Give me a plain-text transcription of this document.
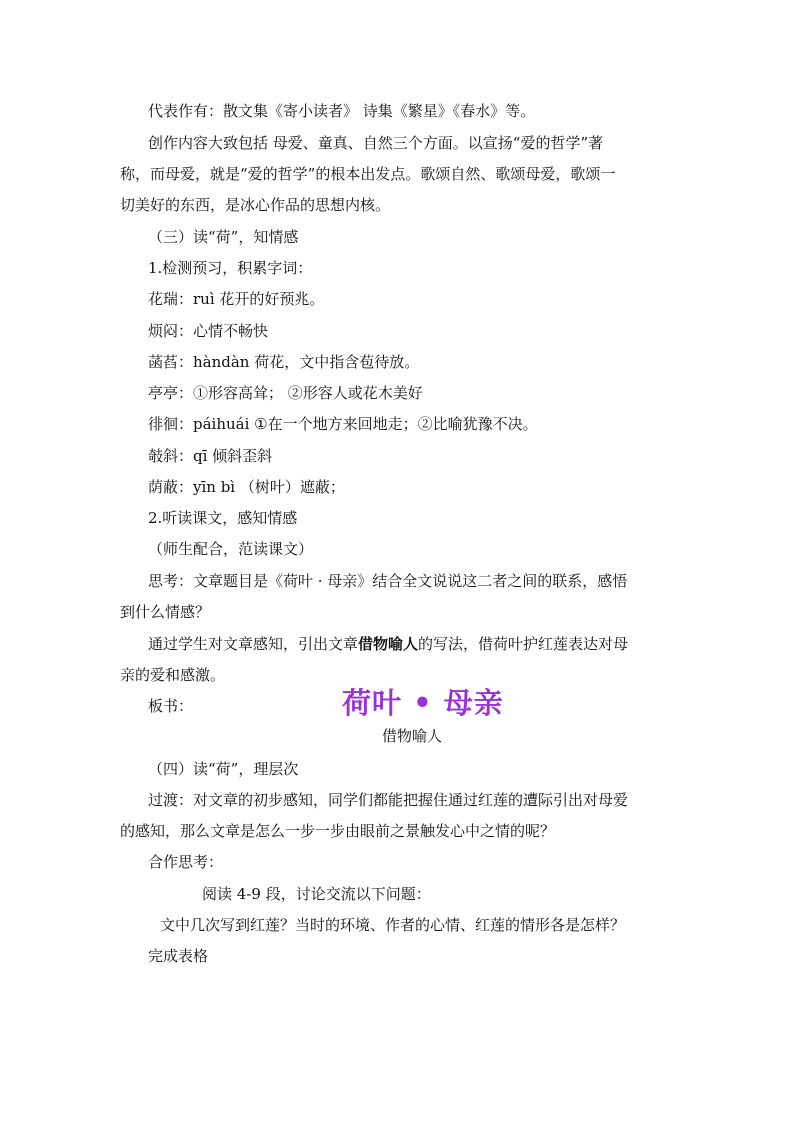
代表作有：散文集《寄小读者》 诗集《繁星》《春水》等。
创作内容大致包括 母爱、童真、自然三个方面。以宣扬“爱的哲学”著
称，而母爱，就是“爱的哲学”的根本出发点。歌颂自然、歌颂母爱，歌颂一
切美好的东西，是冰心作品的思想内核。
（三）读“荷”，知情感
1.检测预习，积累字词：
花瑞：ruì 花开的好预兆。
烦闷：心情不畅快
菡萏：hàndàn 荷花，文中指含苞待放。
亭亭：①形容高耸； ②形容人或花木美好
徘徊：páihuái ①在一个地方来回地走；②比喻犹豫不决。
攲斜：qī 倾斜歪斜
荫蔽：yīn bì （树叶）遮蔽；
2.听读课文，感知情感
（师生配合，范读课文）
思考：文章题目是《荷叶 · 母亲》结合全文说说这二者之间的联系，感悟
到什么情感？
通过学生对文章感知，引出文章借物喻人的写法，借荷叶护红莲表达对母
亲的爱和感激。
板书：	荷叶 • 母亲
借物喻人
（四）读“荷”，理层次
过渡：对文章的初步感知，同学们都能把握住通过红莲的遭际引出对母爱
的感知，那么文章是怎么一步一步由眼前之景触发心中之情的呢？
合作思考：
阅读 4-9 段，讨论交流以下问题：
文中几次写到红莲？当时的环境、作者的心情、红莲的情形各是怎样？
完成表格
